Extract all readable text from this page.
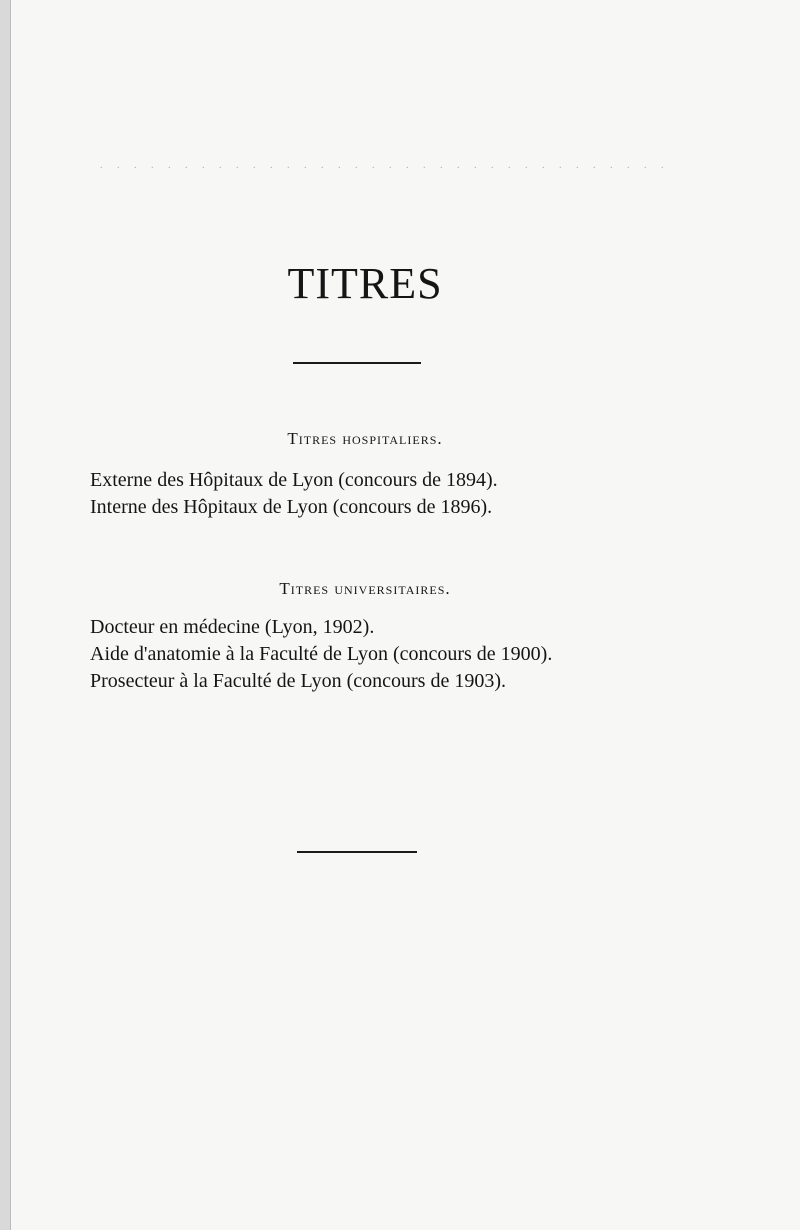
. . . . . . . . . . . . . . . . . . . . . . . . . . . . . . . . . .
TITRES
Titres hospitaliers.
Externe des Hôpitaux de Lyon (concours de 1894).
Interne des Hôpitaux de Lyon (concours de 1896).
Titres universitaires.
Docteur en médecine (Lyon, 1902).
Aide d'anatomie à la Faculté de Lyon (concours de 1900).
Prosecteur à la Faculté de Lyon (concours de 1903).
